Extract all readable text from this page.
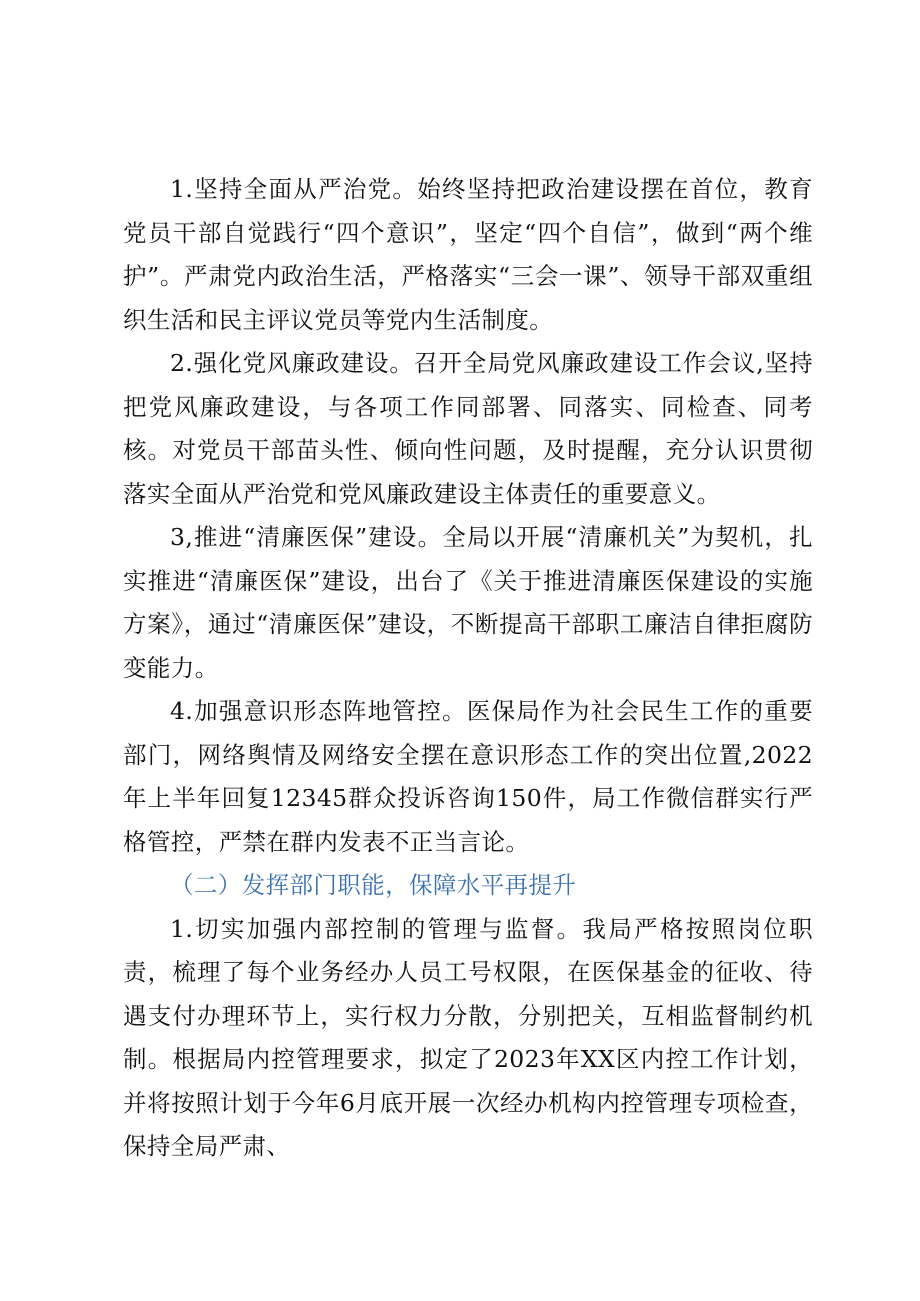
1.坚持全面从严治党。始终坚持把政治建设摆在首位，教育党员干部自觉践行“四个意识”，坚定“四个自信”，做到“两个维护”。严肃党内政治生活，严格落实“三会一课”、领导干部双重组织生活和民主评议党员等党内生活制度。

2.强化党风廉政建设。召开全局党风廉政建设工作会议,坚持把党风廉政建设，与各项工作同部署、同落实、同检查、同考核。对党员干部苗头性、倾向性问题，及时提醒，充分认识贯彻落实全面从严治党和党风廉政建设主体责任的重要意义。

3,推进“清廉医保”建设。全局以开展“清廉机关”为契机，扎实推进“清廉医保”建设，出台了《关于推进清廉医保建设的实施方案》，通过“清廉医保”建设，不断提高干部职工廉洁自律拒腐防变能力。

4.加强意识形态阵地管控。医保局作为社会民生工作的重要部门，网络舆情及网络安全摆在意识形态工作的突出位置,2022年上半年回复12345群众投诉咨询150件，局工作微信群实行严格管控，严禁在群内发表不正当言论。

（二）发挥部门职能，保障水平再提升

1.切实加强内部控制的管理与监督。我局严格按照岗位职责，梳理了每个业务经办人员工号权限，在医保基金的征收、待遇支付办理环节上，实行权力分散，分别把关，互相监督制约机制。根据局内控管理要求，拟定了2023年XX区内控工作计划，并将按照计划于今年6月底开展一次经办机构内控管理专项检查，保持全局严肃、
